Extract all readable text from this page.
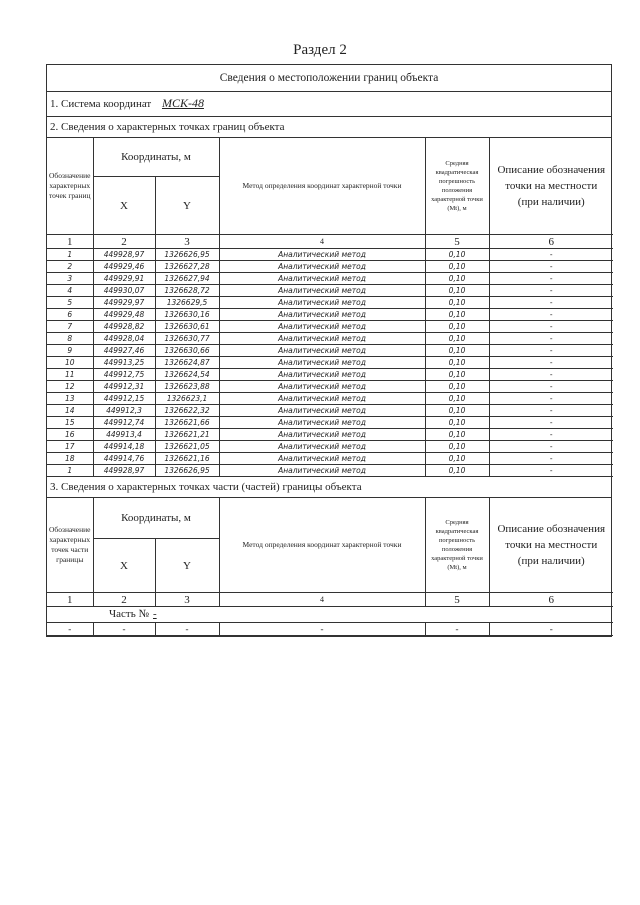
Раздел 2
Сведения о местоположении границ объекта
1. Система координат МСК-48
2. Сведения о характерных точках границ объекта
Обозначение характерных точек границ	Координаты, м		Метод определения координат характерной точки	Средняя квадратическая погрешность положения характерной точки (Mt), м	Описание обозначения точки на местности (при наличии)
	X	Y			
1	2	3	4	5	6
1	449928,97	1326626,95	Аналитический метод	0,10	-
2	449929,46	1326627,28	Аналитический метод	0,10	-
3	449929,91	1326627,94	Аналитический метод	0,10	-
4	449930,07	1326628,72	Аналитический метод	0,10	-
5	449929,97	1326629,5	Аналитический метод	0,10	-
6	449929,48	1326630,16	Аналитический метод	0,10	-
7	449928,82	1326630,61	Аналитический метод	0,10	-
8	449928,04	1326630,77	Аналитический метод	0,10	-
9	449927,46	1326630,66	Аналитический метод	0,10	-
10	449913,25	1326624,87	Аналитический метод	0,10	-
11	449912,75	1326624,54	Аналитический метод	0,10	-
12	449912,31	1326623,88	Аналитический метод	0,10	-
13	449912,15	1326623,1	Аналитический метод	0,10	-
14	449912,3	1326622,32	Аналитический метод	0,10	-
15	449912,74	1326621,66	Аналитический метод	0,10	-
16	449913,4	1326621,21	Аналитический метод	0,10	-
17	449914,18	1326621,05	Аналитический метод	0,10	-
18	449914,76	1326621,16	Аналитический метод	0,10	-
1	449928,97	1326626,95	Аналитический метод	0,10	-
3. Сведения о характерных точках части (частей) границы объекта
Обозначение характерных точек части границы	Координаты, м		Метод определения координат характерной точки	Средняя квадратическая погрешность положения характерной точки (Mt), м	Описание обозначения точки на местности (при наличии)
	X	Y			
1	2	3	4	5	6
Часть № -					
-	-	-	-	-	-
